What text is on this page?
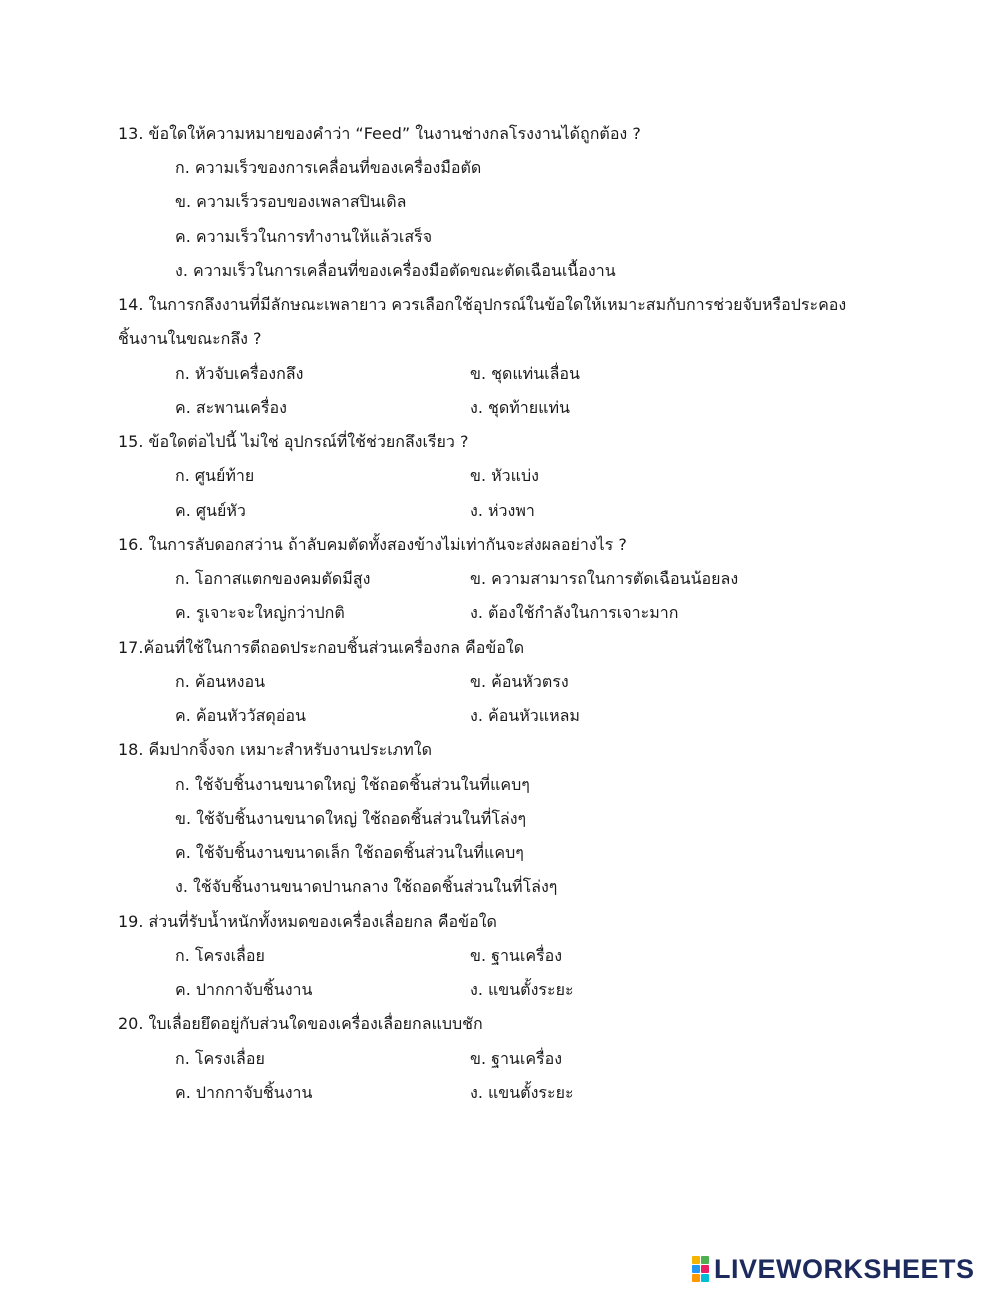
13. ข้อใดให้ความหมายของคำว่า “Feed” ในงานช่างกลโรงงานได้ถูกต้อง ?
ก. ความเร็วของการเคลื่อนที่ของเครื่องมือตัด
ข. ความเร็วรอบของเพลาสปินเดิล
ค. ความเร็วในการทำงานให้แล้วเสร็จ
ง. ความเร็วในการเคลื่อนที่ของเครื่องมือตัดขณะตัดเฉือนเนื้องาน
14. ในการกลึงงานที่มีลักษณะเพลายาว ควรเลือกใช้อุปกรณ์ในข้อใดให้เหมาะสมกับการช่วยจับหรือประคอง
ชิ้นงานในขณะกลึง ?
ก. หัวจับเครื่องกลึง	ข. ชุดแท่นเลื่อน
ค. สะพานเครื่อง	ง. ชุดท้ายแท่น
15. ข้อใดต่อไปนี้ ไม่ใช่ อุปกรณ์ที่ใช้ช่วยกลึงเรียว ?
ก. ศูนย์ท้าย	ข. หัวแบ่ง
ค. ศูนย์หัว	ง. ห่วงพา
16. ในการลับดอกสว่าน ถ้าลับคมตัดทั้งสองข้างไม่เท่ากันจะส่งผลอย่างไร ?
ก. โอกาสแตกของคมตัดมีสูง	ข. ความสามารถในการตัดเฉือนน้อยลง
ค. รูเจาะจะใหญ่กว่าปกติ	ง. ต้องใช้กำลังในการเจาะมาก
17.ค้อนที่ใช้ในการตีถอดประกอบชิ้นส่วนเครื่องกล คือข้อใด
ก. ค้อนหงอน	ข. ค้อนหัวตรง
ค. ค้อนหัววัสดุอ่อน	ง. ค้อนหัวแหลม
18. คีมปากจิ้งจก เหมาะสำหรับงานประเภทใด
ก. ใช้จับชิ้นงานขนาดใหญ่ ใช้ถอดชิ้นส่วนในที่แคบๆ
ข. ใช้จับชิ้นงานขนาดใหญ่ ใช้ถอดชิ้นส่วนในที่โล่งๆ
ค. ใช้จับชิ้นงานขนาดเล็ก ใช้ถอดชิ้นส่วนในที่แคบๆ
ง. ใช้จับชิ้นงานขนาดปานกลาง ใช้ถอดชิ้นส่วนในที่โล่งๆ
19. ส่วนที่รับน้ำหนักทั้งหมดของเครื่องเลื่อยกล คือข้อใด
ก. โครงเลื่อย	ข. ฐานเครื่อง
ค. ปากกาจับชิ้นงาน	ง. แขนตั้งระยะ
20. ใบเลื่อยยึดอยู่กับส่วนใดของเครื่องเลื่อยกลแบบชัก
ก. โครงเลื่อย	ข. ฐานเครื่อง
ค. ปากกาจับชิ้นงาน	ง. แขนตั้งระยะ
LIVEWORKSHEETS
